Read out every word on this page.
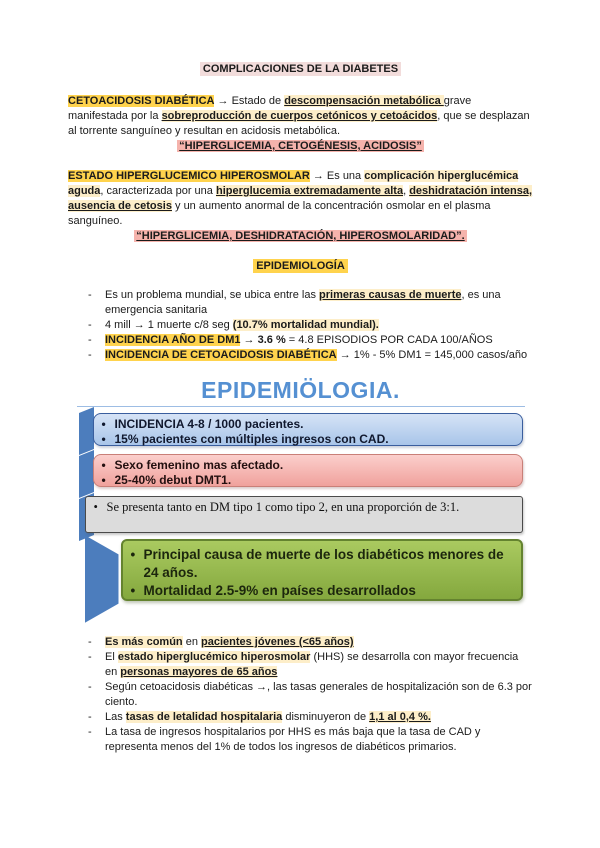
COMPLICACIONES DE LA DIABETES

CETOACIDOSIS DIABÉTICA → Estado de descompensación metabólica grave manifestada por la sobreproducción de cuerpos cetónicos y cetoácidos, que se desplazan al torrente sanguíneo y resultan en acidosis metabólica.

“HIPERGLICEMIA, CETOGÉNESIS, ACIDOSIS”

ESTADO HIPERGLUCEMICO HIPEROSMOLAR → Es una complicación hiperglucémica aguda, caracterizada por una hiperglucemia extremadamente alta, deshidratación intensa, ausencia de cetosis y un aumento anormal de la concentración osmolar en el plasma sanguíneo.

“HIPERGLICEMIA, DESHIDRATACIÓN, HIPEROSMOLARIDAD”.
EPIDEMIOLOGÍA
-	Es un problema mundial, se ubica entre las primeras causas de muerte, es una emergencia sanitaria
-	4 mill → 1 muerte c/8 seg (10.7% mortalidad mundial).
-	INCIDENCIA AÑO DE DM1 → 3.6 % = 4.8 EPISODIOS POR CADA 100/AÑOS
-	INCIDENCIA DE CETOACIDOSIS DIABÉTICA → 1% - 5% DM1 = 145,000 casos/año
EPIDEMIÖLOGIA.
• INCIDENCIA 4-8 / 1000 pacientes.
• 15% pacientes con múltiples ingresos con CAD.
• Sexo femenino mas afectado.
• 25-40% debut DMT1.
• Se presenta tanto en DM tipo 1 como tipo 2, en una proporción de 3:1.
• Principal causa de muerte de los diabéticos menores de 24 años.
• Mortalidad 2.5-9% en países desarrollados
-	Es más común en pacientes jóvenes (<65 años)
-	El estado hiperglucémico hiperosmolar (HHS) se desarrolla con mayor frecuencia en personas mayores de 65 años
-	Según cetoacidosis diabéticas →, las tasas generales de hospitalización son de 6.3 por ciento.
-	Las tasas de letalidad hospitalaria disminuyeron de 1,1 al 0,4 %.
-	La tasa de ingresos hospitalarios por HHS es más baja que la tasa de CAD y representa menos del 1% de todos los ingresos de diabéticos primarios.
